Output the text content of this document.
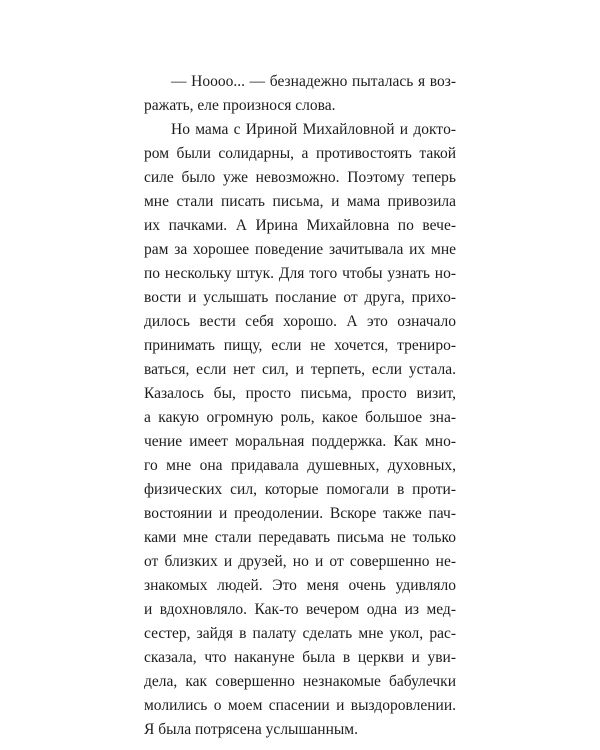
— Ноооо... — безнадежно пыталась я воз-
ражать, еле произнося слова.
Но мама с Ириной Михайловной и доктo-
ром были солидарны, а противостоять такой
силе было уже невозможно. Поэтому теперь
мне стали писать письма, и мама привозила
их пачками. А Ирина Михайловна по вече-
рам за хорошее поведение зачитывала их мне
по нескольку штук. Для того чтобы узнать но-
вости и услышать послание от друга, прихо-
дилось вести себя хорошо. А это означало
принимать пищу, если не хочется, трениро-
ваться, если нет сил, и терпеть, если устала.
Казалось бы, просто письма, просто визит,
а какую огромную роль, какое большое зна-
чение имеет моральная поддержка. Как мно-
го мне она придавала душевных, духовных,
физических сил, которые помогали в проти-
востоянии и преодолении. Вскоре также пач-
ками мне стали передавать письма не только
от близких и друзей, но и от совершенно не-
знакомых людей. Это меня очень удивляло
и вдохновляло. Как-то вечером одна из мед-
сестер, зайдя в палату сделать мне укол, рас-
сказала, что накануне была в церкви и уви-
дела, как совершенно незнакомые бабулечки
молились о моем спасении и выздоровлении.
Я была потрясена услышанным.
